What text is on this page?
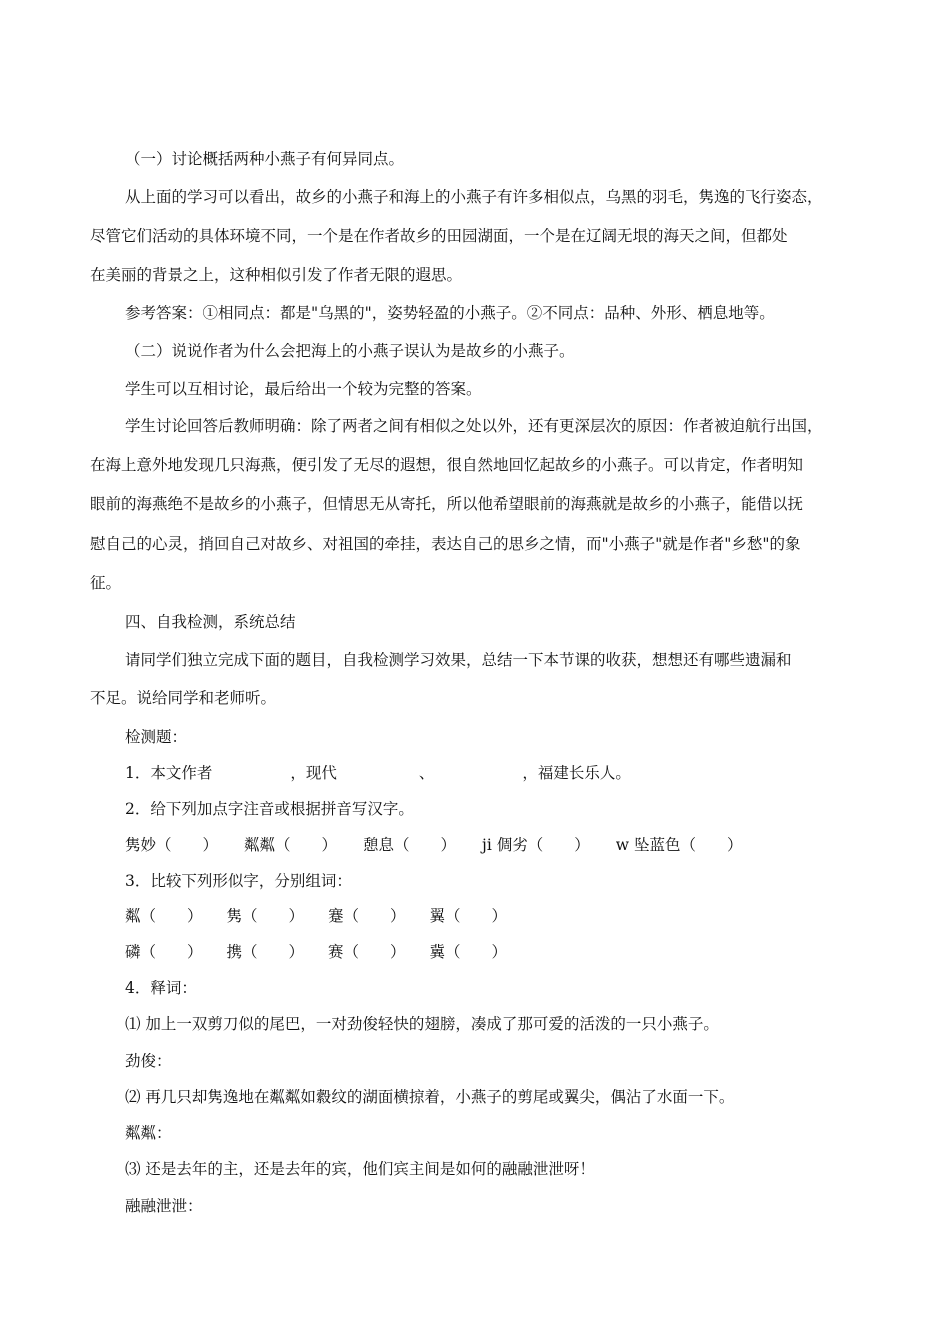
（一）讨论概括两种小燕子有何异同点。
从上面的学习可以看出，故乡的小燕子和海上的小燕子有许多相似点，乌黑的羽毛，隽逸的飞行姿态，
尽管它们活动的具体环境不同，一个是在作者故乡的田园湖面，一个是在辽阔无垠的海天之间，但都处
在美丽的背景之上，这种相似引发了作者无限的遐思。
参考答案：①相同点：都是"乌黑的"，姿势轻盈的小燕子。②不同点：品种、外形、栖息地等。
（二）说说作者为什么会把海上的小燕子误认为是故乡的小燕子。
学生可以互相讨论，最后给出一个较为完整的答案。
学生讨论回答后教师明确：除了两者之间有相似之处以外，还有更深层次的原因：作者被迫航行出国，
在海上意外地发现几只海燕，便引发了无尽的遐想，很自然地回忆起故乡的小燕子。可以肯定，作者明知
眼前的海燕绝不是故乡的小燕子，但情思无从寄托，所以他希望眼前的海燕就是故乡的小燕子，能借以抚
慰自己的心灵，捎回自己对故乡、对祖国的牵挂，表达自己的思乡之情，而"小燕子"就是作者"乡愁"的象
征。
四、自我检测，系统总结
请同学们独立完成下面的题目，自我检测学习效果，总结一下本节课的收获，想想还有哪些遗漏和
不足。说给同学和老师听。
检测题：
1．本文作者	，现代	、	，福建长乐人。
2．给下列加点字注音或根据拼音写汉字。
隽妙（　　） 粼粼（　　） 憩息（　　） ji 倜劣（　　） w 坠蓝色（　　）
3．比较下列形似字，分别组词：
粼（　　） 隽（　　） 蹇（　　） 翼（　　）
磷（　　） 携（　　） 赛（　　） 冀（　　）
4．释词：
⑴ 加上一双剪刀似的尾巴，一对劲俊轻快的翅膀，凑成了那可爱的活泼的一只小燕子。
劲俊：
⑵ 再几只却隽逸地在粼粼如縠纹的湖面横掠着，小燕子的剪尾或翼尖，偶沾了水面一下。
粼粼：
⑶ 还是去年的主，还是去年的宾，他们宾主间是如何的融融泄泄呀！
融融泄泄：
